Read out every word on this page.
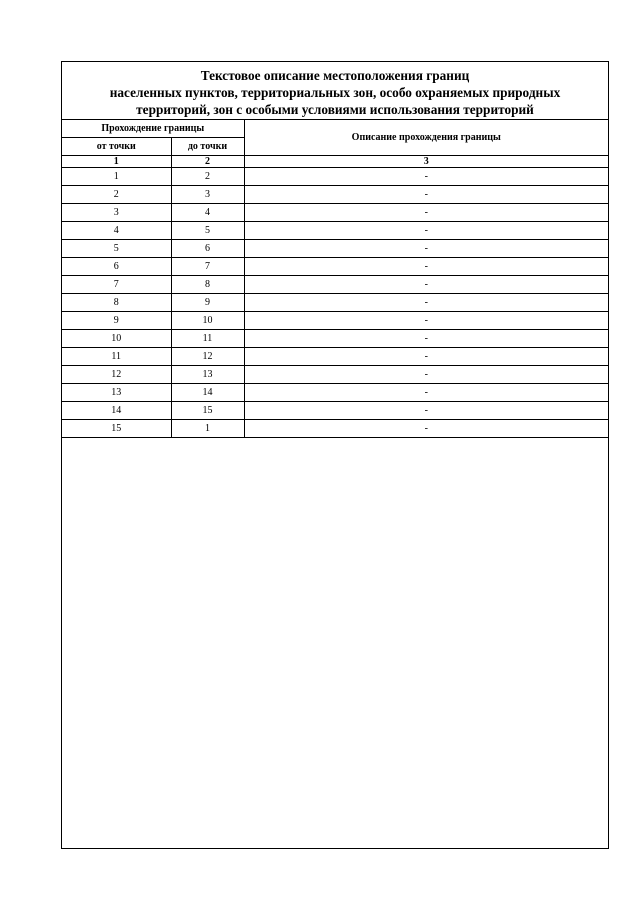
Текстовое описание местоположения границ
населенных пунктов, территориальных зон, особо охраняемых природных
территорий, зон с особыми условиями использования территорий
Прохождение границы		Описание прохождения границы
от точки	до точки	
1	2	3
1	2	-
2	3	-
3	4	-
4	5	-
5	6	-
6	7	-
7	8	-
8	9	-
9	10	-
10	11	-
11	12	-
12	13	-
13	14	-
14	15	-
15	1	-
